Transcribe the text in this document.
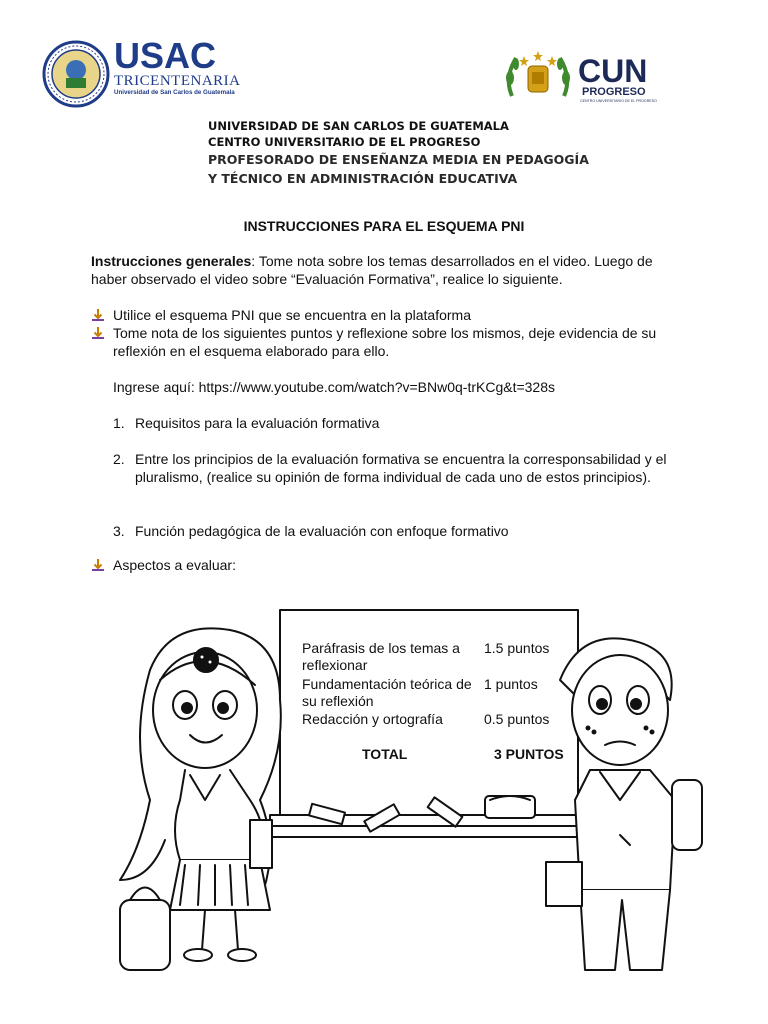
USAC
TRICENTENARIA
Universidad de San Carlos de Guatemala
CUN
PROGRESO
CENTRO UNIVERSITARIO DE EL PROGRESO
UNIVERSIDAD DE SAN CARLOS DE GUATEMALA
CENTRO UNIVERSITARIO DE EL PROGRESO
PROFESORADO DE ENSEÑANZA MEDIA EN PEDAGOGÍA
Y TÉCNICO EN ADMINISTRACIÓN EDUCATIVA
INSTRUCCIONES PARA EL ESQUEMA PNI
Instrucciones generales: Tome nota sobre los temas desarrollados en el video. Luego de haber observado el video sobre “Evaluación Formativa”, realice lo siguiente.
Utilice el esquema PNI que se encuentra en la plataforma
Tome nota de los siguientes puntos y reflexione sobre los mismos, deje evidencia de su reflexión en el esquema elaborado para ello.
Ingrese aquí: https://www.youtube.com/watch?v=BNw0q-trKCg&t=328s
1. Requisitos para la evaluación formativa
2. Entre los principios de la evaluación formativa se encuentra la corresponsabilidad y el pluralismo, (realice su opinión de forma individual de cada uno de estos principios).
3. Función pedagógica de la evaluación con enfoque formativo
Aspectos a evaluar:
Paráfrasis de los temas a reflexionar
1.5 puntos
Fundamentación teórica de su reflexión
1 puntos
Redacción y ortografía	0.5 puntos
TOTAL	3 PUNTOS
